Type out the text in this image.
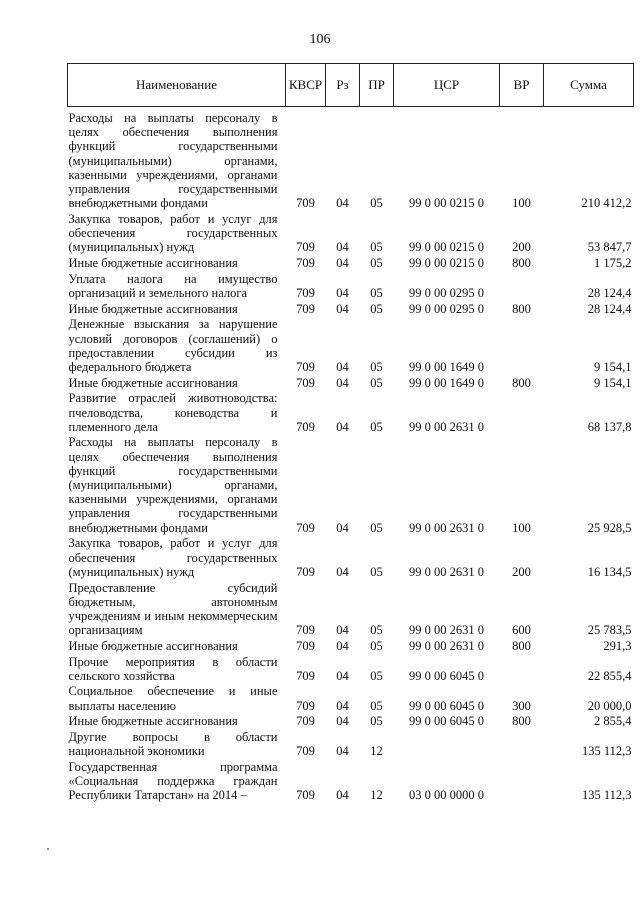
106
Наименование	КВСР	Рз	ПР	ЦСР	ВР	Сумма
Расходы на выплаты персоналу в целях обеспечения выполнения функций государственными (муниципальными) органами, казенными учреждениями, органами управления государственными внебюджетными фондами	709	04	05	99 0 00 0215 0	100	210 412,2
Закупка товаров, работ и услуг для обеспечения государственных (муниципальных) нужд	709	04	05	99 0 00 0215 0	200	53 847,7
Иные бюджетные ассигнования	709	04	05	99 0 00 0215 0	800	1 175,2
Уплата налога на имущество организаций и земельного налога	709	04	05	99 0 00 0295 0		28 124,4
Иные бюджетные ассигнования	709	04	05	99 0 00 0295 0	800	28 124,4
Денежные взыскания за нарушение условий договоров (соглашений) о предоставлении субсидии из федерального бюджета	709	04	05	99 0 00 1649 0		9 154,1
Иные бюджетные ассигнования	709	04	05	99 0 00 1649 0	800	9 154,1
Развитие отраслей животноводства: пчеловодства, коневодства и племенного дела	709	04	05	99 0 00 2631 0		68 137,8
Расходы на выплаты персоналу в целях обеспечения выполнения функций государственными (муниципальными) органами, казенными учреждениями, органами управления государственными внебюджетными фондами	709	04	05	99 0 00 2631 0	100	25 928,5
Закупка товаров, работ и услуг для обеспечения государственных (муниципальных) нужд	709	04	05	99 0 00 2631 0	200	16 134,5
Предоставление субсидий бюджетным, автономным учреждениям и иным некоммерческим организациям	709	04	05	99 0 00 2631 0	600	25 783,5
Иные бюджетные ассигнования	709	04	05	99 0 00 2631 0	800	291,3
Прочие мероприятия в области сельского хозяйства	709	04	05	99 0 00 6045 0		22 855,4
Социальное обеспечение и иные выплаты населению	709	04	05	99 0 00 6045 0	300	20 000,0
Иные бюджетные ассигнования	709	04	05	99 0 00 6045 0	800	2 855,4
Другие вопросы в области национальной экономики	709	04	12			135 112,3
Государственная программа «Социальная поддержка граждан Республики Татарстан» на 2014 –	709	04	12	03 0 00 0000 0		135 112,3
